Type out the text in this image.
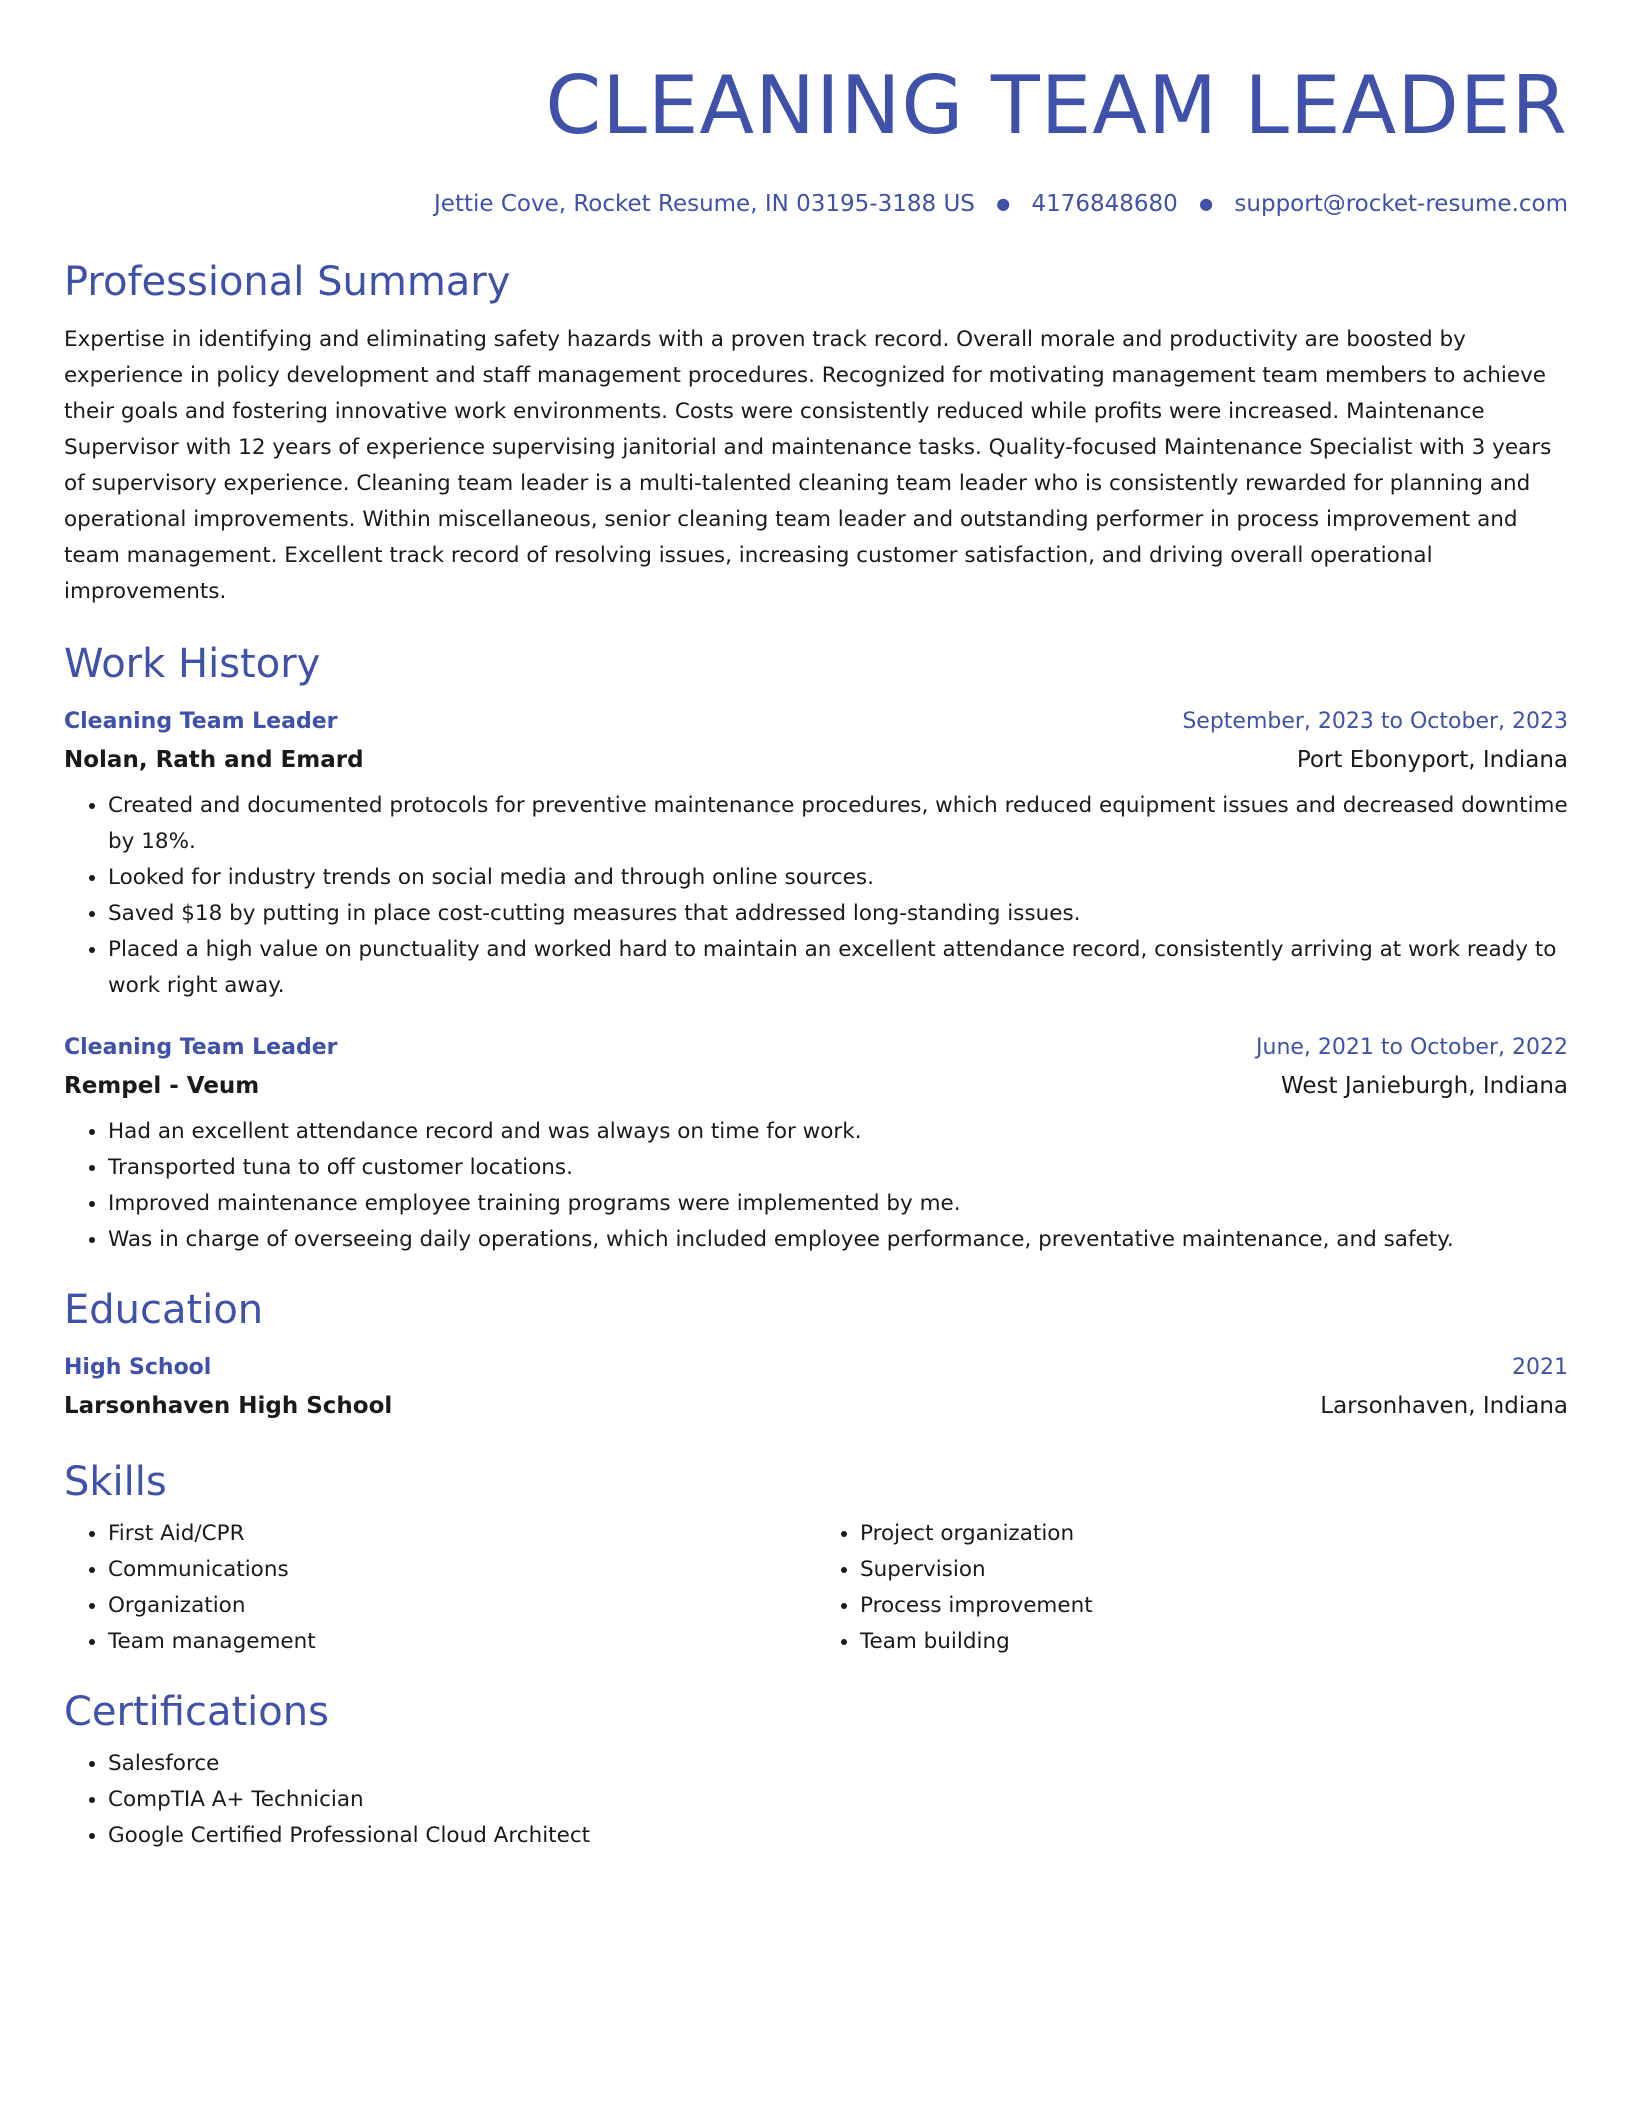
CLEANING TEAM LEADER
Jettie Cove, Rocket Resume, IN 03195-3188 US ● 4176848680 ● support@rocket-resume.com
Professional Summary
Expertise in identifying and eliminating safety hazards with a proven track record. Overall morale and productivity are boosted by experience in policy development and staff management procedures. Recognized for motivating management team members to achieve their goals and fostering innovative work environments. Costs were consistently reduced while profits were increased. Maintenance Supervisor with 12 years of experience supervising janitorial and maintenance tasks. Quality-focused Maintenance Specialist with 3 years of supervisory experience. Cleaning team leader is a multi-talented cleaning team leader who is consistently rewarded for planning and operational improvements. Within miscellaneous, senior cleaning team leader and outstanding performer in process improvement and team management. Excellent track record of resolving issues, increasing customer satisfaction, and driving overall operational improvements.
Work History
Cleaning Team Leader	September, 2023 to October, 2023
Nolan, Rath and Emard	Port Ebonyport, Indiana
• Created and documented protocols for preventive maintenance procedures, which reduced equipment issues and decreased downtime by 18%.
• Looked for industry trends on social media and through online sources.
• Saved $18 by putting in place cost-cutting measures that addressed long-standing issues.
• Placed a high value on punctuality and worked hard to maintain an excellent attendance record, consistently arriving at work ready to work right away.
Cleaning Team Leader	June, 2021 to October, 2022
Rempel - Veum	West Janieburgh, Indiana
• Had an excellent attendance record and was always on time for work.
• Transported tuna to off customer locations.
• Improved maintenance employee training programs were implemented by me.
• Was in charge of overseeing daily operations, which included employee performance, preventative maintenance, and safety.
Education
High School	2021
Larsonhaven High School	Larsonhaven, Indiana
Skills
• First Aid/CPR
• Communications
• Organization
• Team management
• Project organization
• Supervision
• Process improvement
• Team building
Certifications
• Salesforce
• CompTIA A+ Technician
• Google Certified Professional Cloud Architect
